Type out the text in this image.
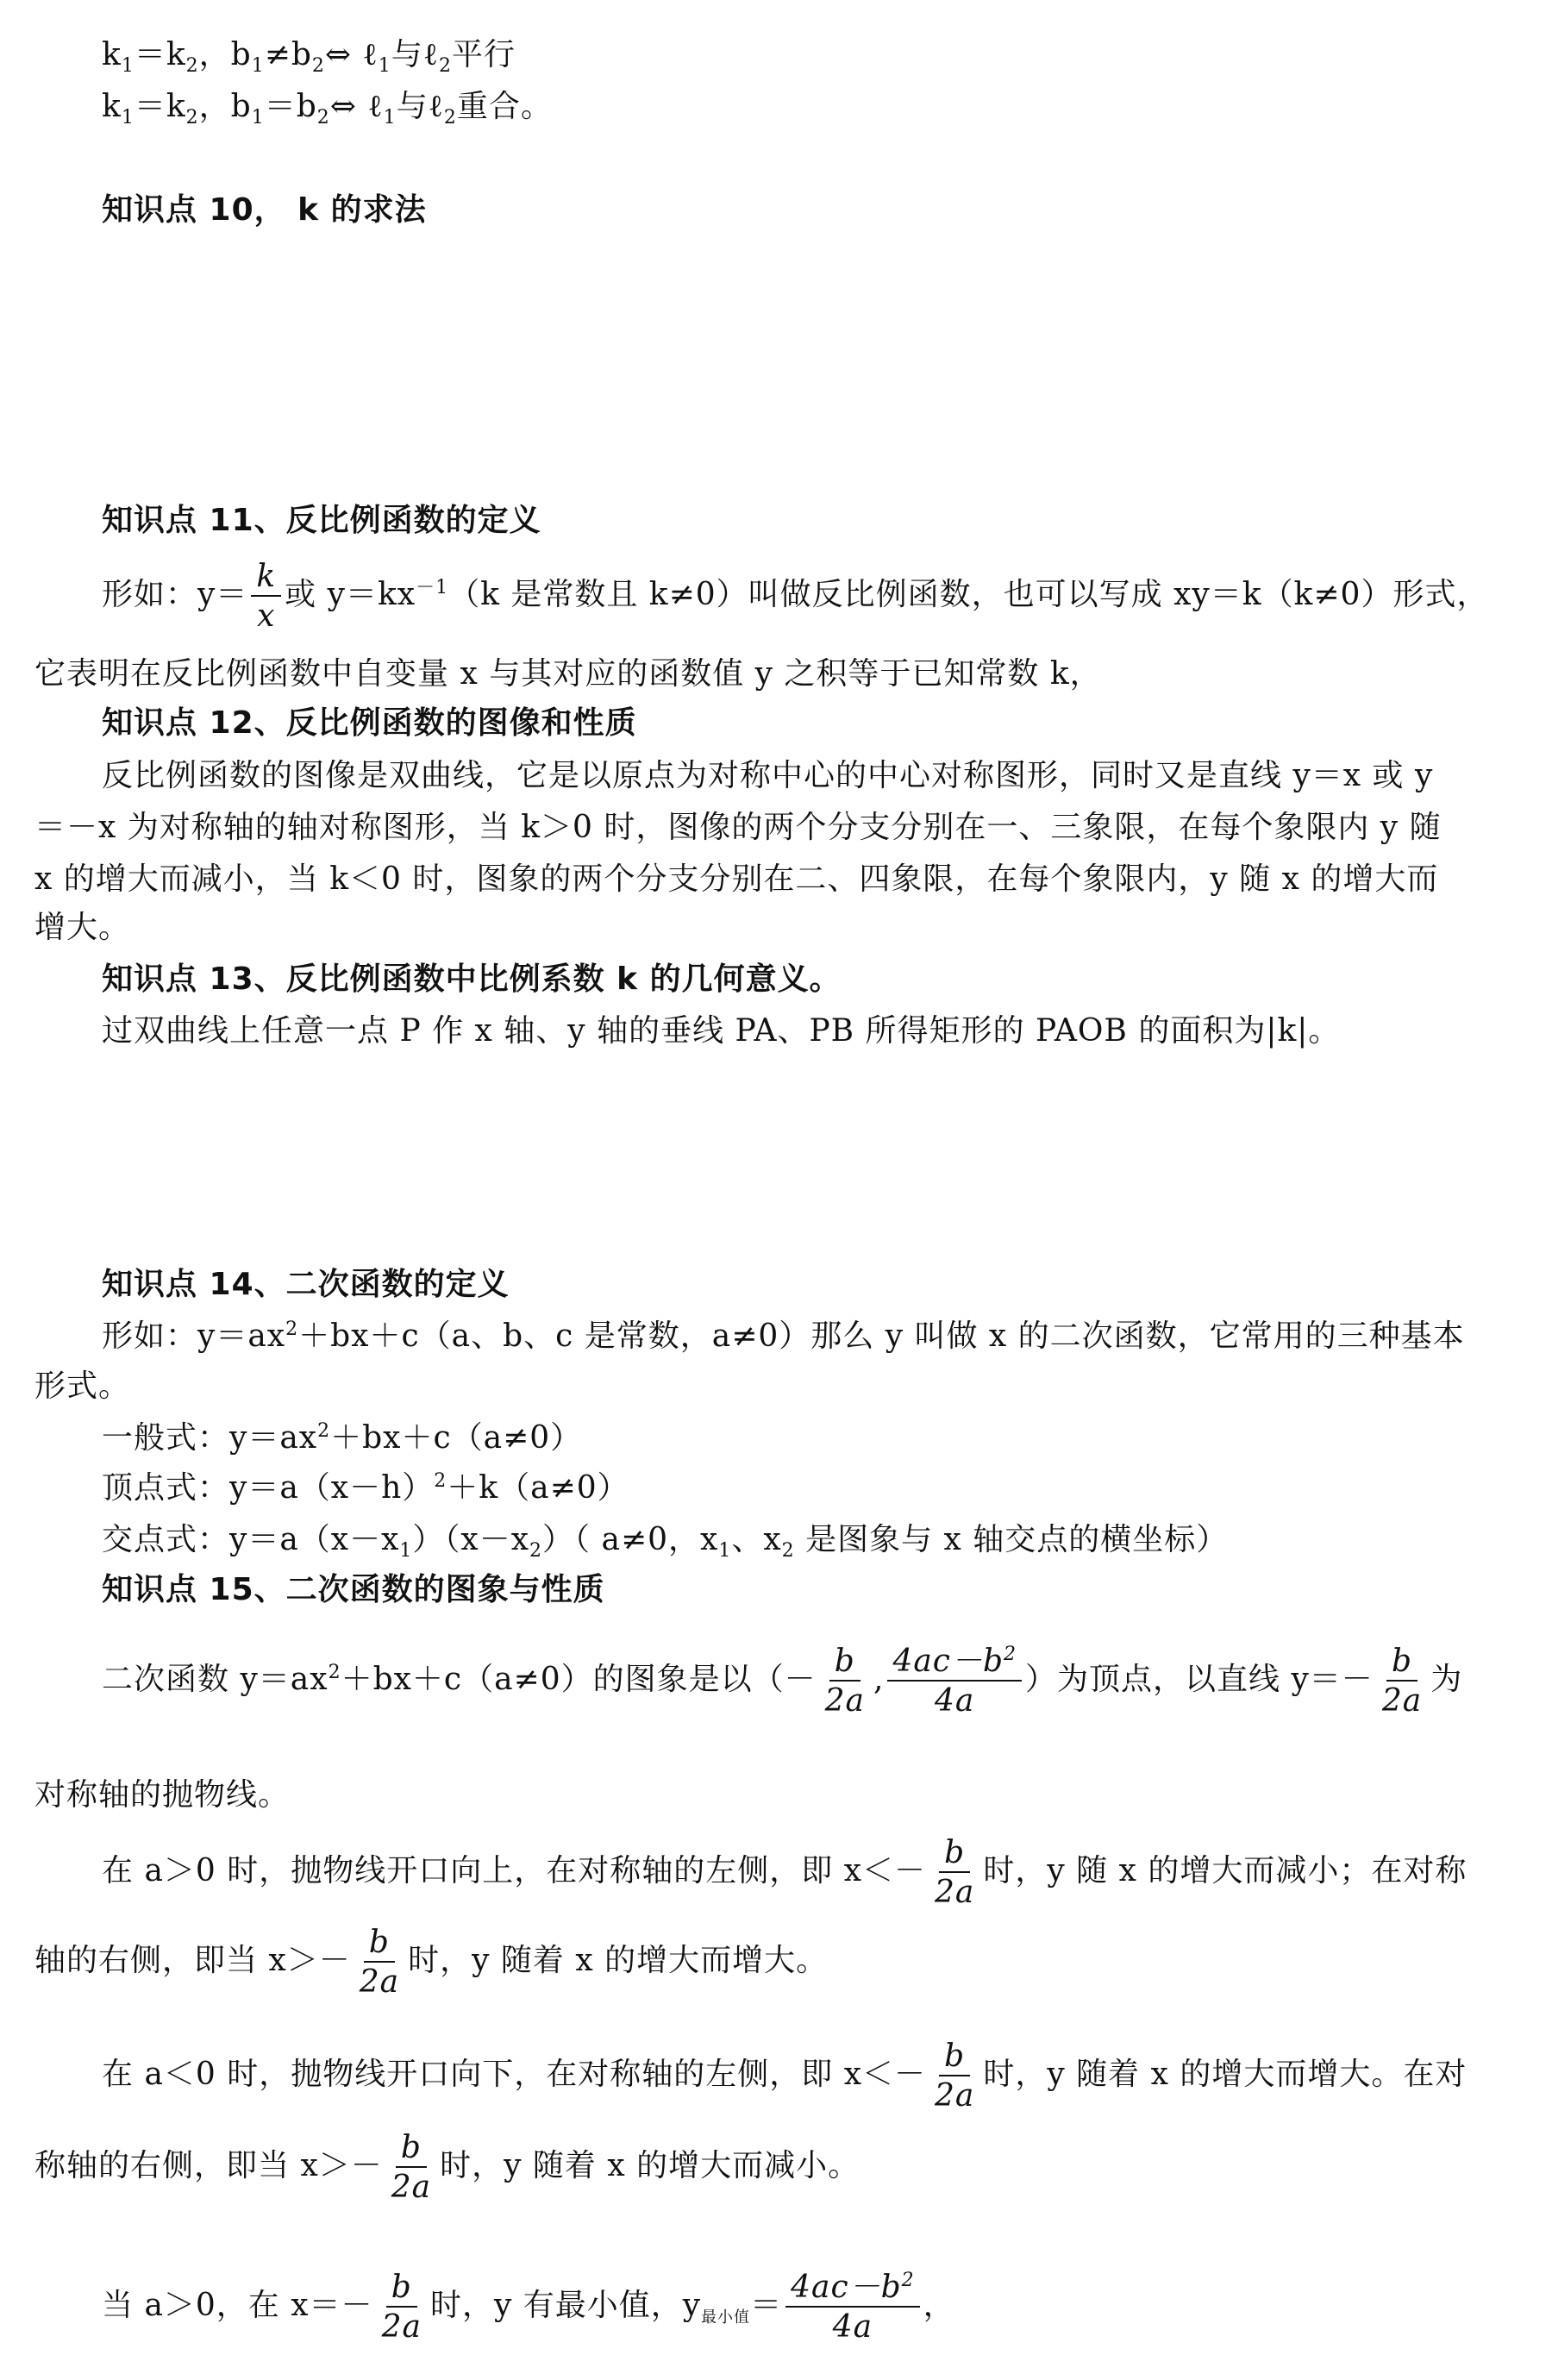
$k_1=k_2$，$b_1\ne b_2\Leftrightarrow$ ℓ$_1$与ℓ$_2$平行
$k_1=k_2$，$b_1=b_2\Leftrightarrow$ ℓ$_1$与ℓ$_2$重合。
知识点 10， k 的求法
知识点 11、反比例函数的定义
形如：$y= \frac{k}{x}$ 或 $y=kx^{-1}(k$ 是常数且 k≠0）叫做反比例函数，也可以写成 xy＝k（k≠0）形式，
它表明在反比例函数中自变量 x 与其对应的函数值 y 之积等于已知常数 k，
知识点 12、反比例函数的图像和性质
反比例函数的图像是双曲线，它是以原点为对称中心的中心对称图形，同时又是直线 y＝x 或 y
＝－x 为对称轴的轴对称图形，当 k＞0 时，图像的两个分支分别在一、三象限，在每个象限内 y 随
x 的增大而减小，当 k＜0 时，图象的两个分支分别在二、四象限，在每个象限内，y 随 x 的增大而
增大。
知识点 13、反比例函数中比例系数 k 的几何意义。
过双曲线上任意一点 P 作 x 轴、y 轴的垂线 PA、PB 所得矩形的 PAOB 的面积为|k|。
知识点 14、二次函数的定义
形如：$y=ax^2+bx+c(a$、b、c 是常数，a≠0）那么 y 叫做 x 的二次函数，它常用的三种基本
形式。
一般式：$y=ax^2+bx+c(a\ne 0)$
顶点式：$y=a(x-h)^2+k(a\ne 0)$
交点式：$y=a(x-x_1)(x-x_2)$（ a≠0，$x_1$、$x_2$ 是图象与 x 轴交点的横坐标）
知识点 15、二次函数的图象与性质
二次函数 $y=ax^2+bx+c(a\ne 0)$的图象是以（－ $\frac{b}{2a}$ , $\frac{4ac-b^2}{4a}$ ）为顶点，以直线 $y=- \frac{b}{2a}$ 为
对称轴的抛物线。
在 a＞0 时，抛物线开口向上，在对称轴的左侧，即 $x<- \frac{b}{2a}$ 时，y 随 x 的增大而减小；在对称
轴的右侧，即当 $x>- \frac{b}{2a}$ 时，y 随着 x 的增大而增大。
在 a＜0 时，抛物线开口向下，在对称轴的左侧，即 $x<- \frac{b}{2a}$ 时，y 随着 x 的增大而增大。在对
称轴的右侧，即当 $x>- \frac{b}{2a}$ 时，y 随着 x 的增大而减小。
当 a＞0，在 $x=- \frac{b}{2a}$ 时，y 有最小值，$y_{最小值}= \frac{4ac-b^2}{4a}$ ，
